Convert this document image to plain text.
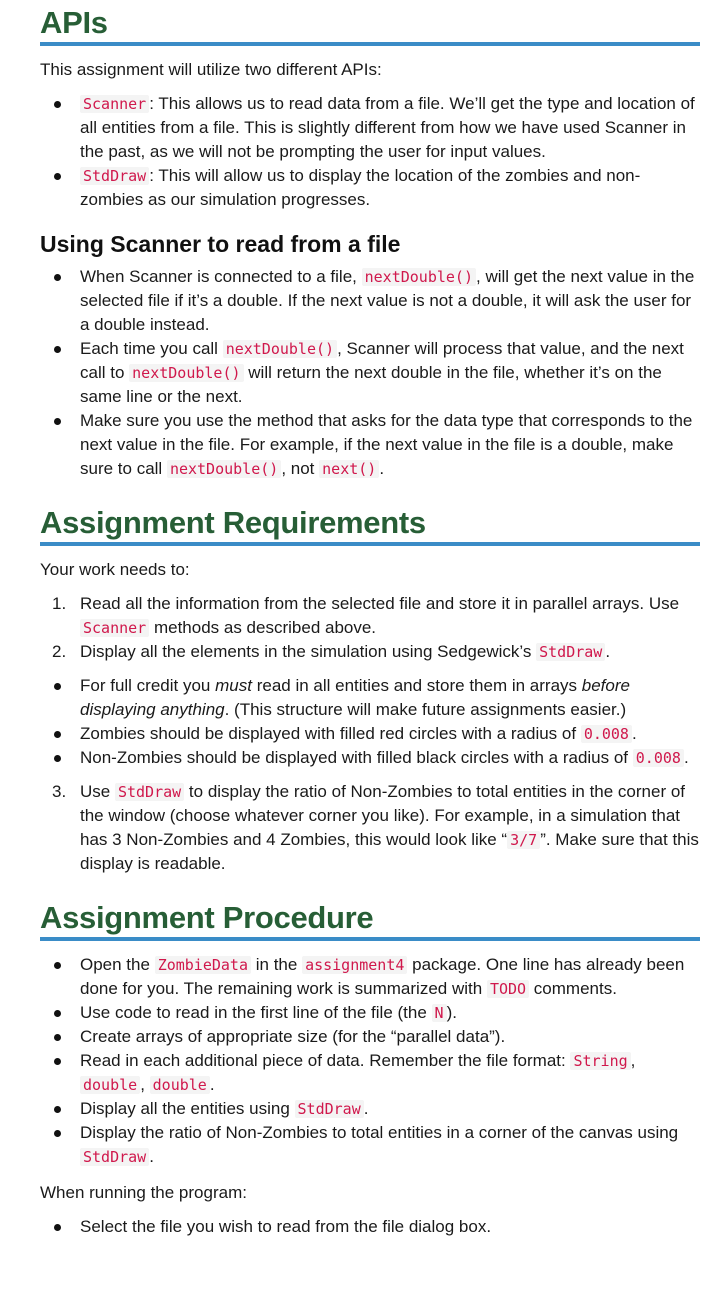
APIs

This assignment will utilize two different APIs:

Scanner : This allows us to read data from a file. We’ll get the type and location of all entities from a file. This is slightly different from how we have used Scanner in the past, as we will not be prompting the user for input values.
StdDraw : This will allow us to display the location of the zombies and non-zombies as our simulation progresses.
Using Scanner to read from a file
When Scanner is connected to a file, nextDouble() , will get the next value in the selected file if it’s a double. If the next value is not a double, it will ask the user for a double instead.
Each time you call nextDouble() , Scanner will process that value, and the next call to nextDouble() will return the next double in the file, whether it’s on the same line or the next.
Make sure you use the method that asks for the data type that corresponds to the next value in the file. For example, if the next value in the file is a double, make sure to call nextDouble() , not next() .
Assignment Requirements

Your work needs to:

1. Read all the information from the selected file and store it in parallel arrays. Use Scanner methods as described above.
2. Display all the elements in the simulation using Sedgewick’s StdDraw .
For full credit you must read in all entities and store them in arrays before displaying anything. (This structure will make future assignments easier.)
Zombies should be displayed with filled red circles with a radius of 0.008 .
Non-Zombies should be displayed with filled black circles with a radius of 0.008 .
3. Use StdDraw to display the ratio of Non-Zombies to total entities in the corner of the window (choose whatever corner you like). For example, in a simulation that has 3 Non-Zombies and 4 Zombies, this would look like “ 3/7 ”. Make sure that this display is readable.
Assignment Procedure
Open the ZombieData in the assignment4 package. One line has already been done for you. The remaining work is summarized with TODO comments.
Use code to read in the first line of the file (the N ).
Create arrays of appropriate size (for the “parallel data”).
Read in each additional piece of data. Remember the file format: String , double , double .
Display all the entities using StdDraw .
Display the ratio of Non-Zombies to total entities in a corner of the canvas using StdDraw .

When running the program:

Select the file you wish to read from the file dialog box.
